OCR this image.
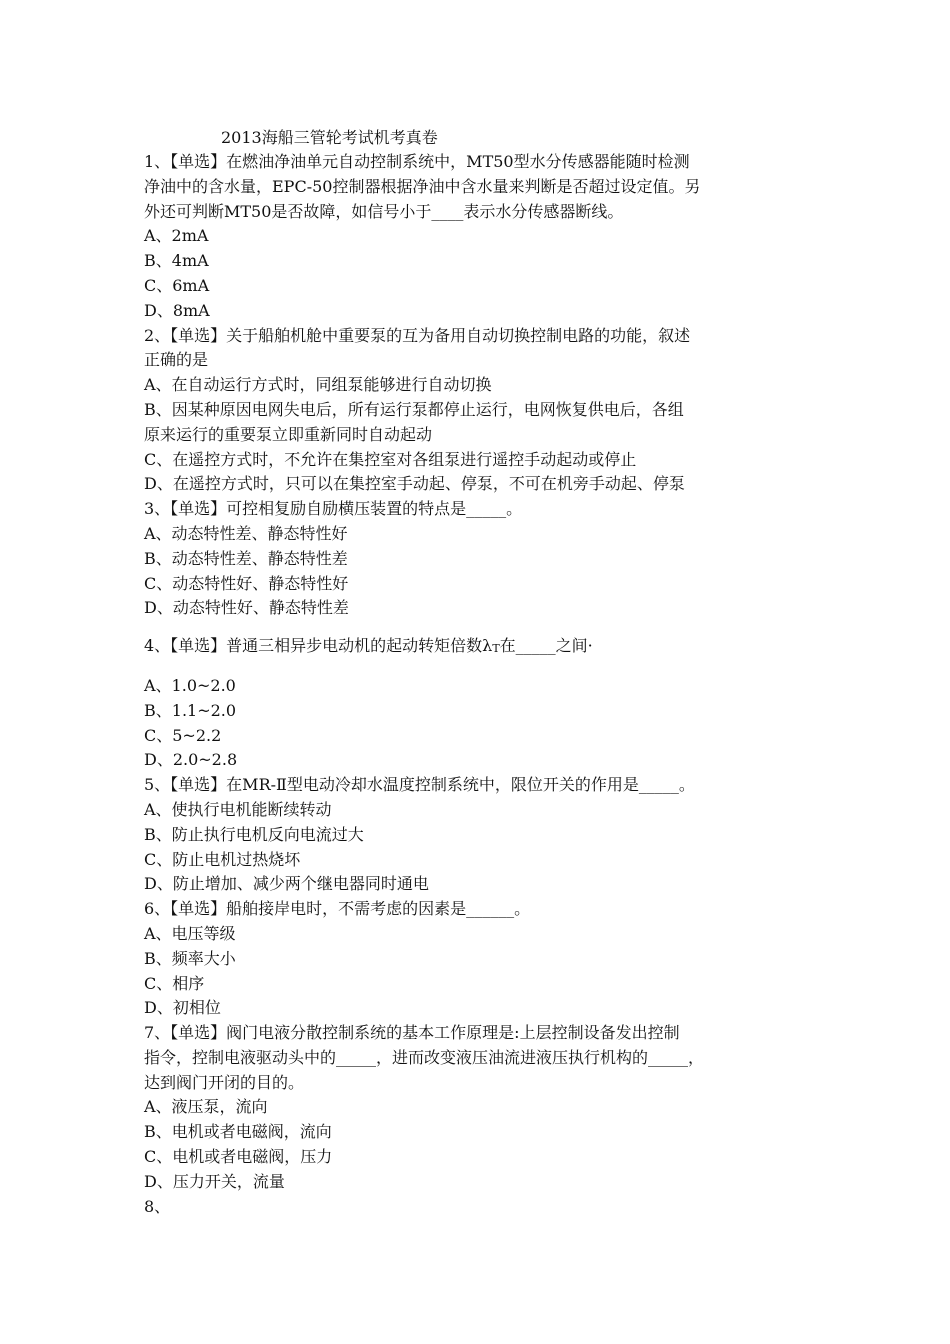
2013海船三管轮考试机考真卷
1、【单选】在燃油净油单元自动控制系统中，MT50型水分传感器能随时检测
净油中的含水量，EPC-50控制器根据净油中含水量来判断是否超过设定值。另
外还可判断MT50是否故障，如信号小于____表示水分传感器断线。
A、2mA
B、4mA
C、6mA
D、8mA
2、【单选】关于船舶机舱中重要泵的互为备用自动切换控制电路的功能，叙述
正确的是
A、在自动运行方式时，同组泵能够进行自动切换
B、因某种原因电网失电后，所有运行泵都停止运行，电网恢复供电后，各组
原来运行的重要泵立即重新同时自动起动
C、在遥控方式时，不允许在集控室对各组泵进行遥控手动起动或停止
D、在遥控方式时，只可以在集控室手动起、停泵，不可在机旁手动起、停泵
3、【单选】可控相复励自励横压装置的特点是_____。
A、动态特性差、静态特性好
B、动态特性差、静态特性差
C、动态特性好、静态特性好
D、动态特性好、静态特性差
4、【单选】普通三相异步电动机的起动转矩倍数λT在_____之间·
A、1.0~2.0
B、1.1~2.0
C、5~2.2
D、2.0~2.8
5、【单选】在MR-Ⅱ型电动冷却水温度控制系统中，限位开关的作用是_____。
A、使执行电机能断续转动
B、防止执行电机反向电流过大
C、防止电机过热烧坏
D、防止增加、减少两个继电器同时通电
6、【单选】船舶接岸电时，不需考虑的因素是______。
A、电压等级
B、频率大小
C、相序
D、初相位
7、【单选】阀门电液分散控制系统的基本工作原理是:上层控制设备发出控制
指令，控制电液驱动头中的_____，进而改变液压油流进液压执行机构的_____，
达到阀门开闭的目的。
A、液压泵，流向
B、电机或者电磁阀，流向
C、电机或者电磁阀，压力
D、压力开关，流量
8、
